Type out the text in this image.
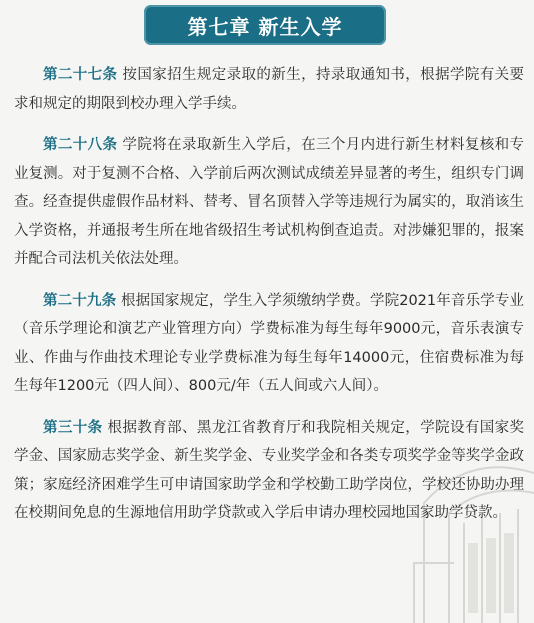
第七章 新生入学

第二十七条 按国家招生规定录取的新生，持录取通知书，根据学院有关要求和规定的期限到校办理入学手续。

第二十八条 学院将在录取新生入学后，在三个月内进行新生材料复核和专业复测。对于复测不合格、入学前后两次测试成绩差异显著的考生，组织专门调查。经查提供虚假作品材料、替考、冒名顶替入学等违规行为属实的，取消该生入学资格，并通报考生所在地省级招生考试机构倒查追责。对涉嫌犯罪的，报案并配合司法机关依法处理。

第二十九条 根据国家规定，学生入学须缴纳学费。学院2021年音乐学专业（音乐学理论和演艺产业管理方向）学费标准为每生每年9000元，音乐表演专业、作曲与作曲技术理论专业学费标准为每生每年14000元，住宿费标准为每生每年1200元（四人间）、800元/年（五人间或六人间）。

第三十条 根据教育部、黑龙江省教育厅和我院相关规定，学院设有国家奖学金、国家励志奖学金、新生奖学金、专业奖学金和各类专项奖学金等奖学金政策；家庭经济困难学生可申请国家助学金和学校勤工助学岗位，学校还协助办理在校期间免息的生源地信用助学贷款或入学后申请办理校园地国家助学贷款。
